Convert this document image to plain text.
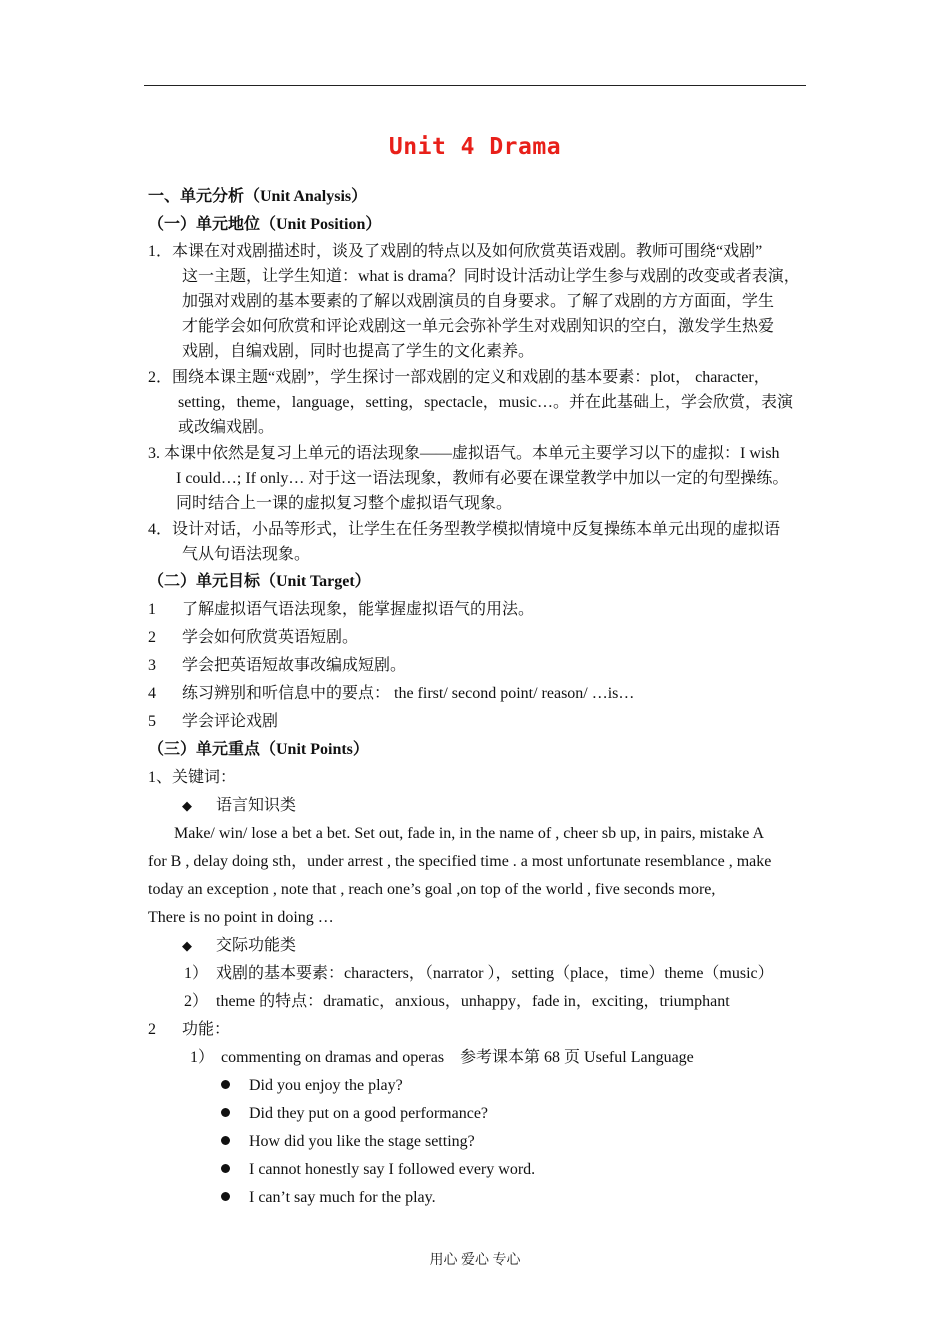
Unit 4 Drama
一、单元分析（Unit Analysis）
（一）单元地位（Unit Position）
1．本课在对戏剧描述时，谈及了戏剧的特点以及如何欣赏英语戏剧。教师可围绕“戏剧”
这一主题，让学生知道：what is drama？同时设计活动让学生参与戏剧的改变或者表演，
加强对戏剧的基本要素的了解以戏剧演员的自身要求。了解了戏剧的方方面面，学生
才能学会如何欣赏和评论戏剧这一单元会弥补学生对戏剧知识的空白，激发学生热爱
戏剧，自编戏剧，同时也提高了学生的文化素养。
2．围绕本课主题“戏剧”，学生探讨一部戏剧的定义和戏剧的基本要素：plot， character，
setting，theme，language，setting，spectacle，music…。并在此基础上，学会欣赏，表演
或改编戏剧。
3. 本课中依然是复习上单元的语法现象——虚拟语气。本单元主要学习以下的虚拟：I wish
I could…; If only… 对于这一语法现象，教师有必要在课堂教学中加以一定的句型操练。
同时结合上一课的虚拟复习整个虚拟语气现象。
4．设计对话，小品等形式，让学生在任务型教学模拟情境中反复操练本单元出现的虚拟语
气从句语法现象。
（二）单元目标（Unit Target）
1 了解虚拟语气语法现象，能掌握虚拟语气的用法。
2 学会如何欣赏英语短剧。
3 学会把英语短故事改编成短剧。
4 练习辨别和听信息中的要点： the first/ second point/ reason/ …is…
5 学会评论戏剧
（三）单元重点（Unit Points）
1、关键词：
◆ 语言知识类
Make/ win/ lose a bet a bet. Set out, fade in, in the name of , cheer sb up, in pairs, mistake A
for B , delay doing sth，under arrest , the specified time . a most unfortunate resemblance , make
today an exception , note that , reach one’s goal ,on top of the world , five seconds more,
There is no point in doing …
◆ 交际功能类
1） 戏剧的基本要素：characters，（narrator ），setting（place，time）theme（music）
2） theme 的特点：dramatic，anxious，unhappy，fade in，exciting，triumphant
2 功能：
1） commenting on dramas and operas　参考课本第 68 页 Useful Language
Did you enjoy the play?
Did they put on a good performance?
How did you like the stage setting?
I cannot honestly say I followed every word.
I can’t say much for the play.
用心 爱心 专心
